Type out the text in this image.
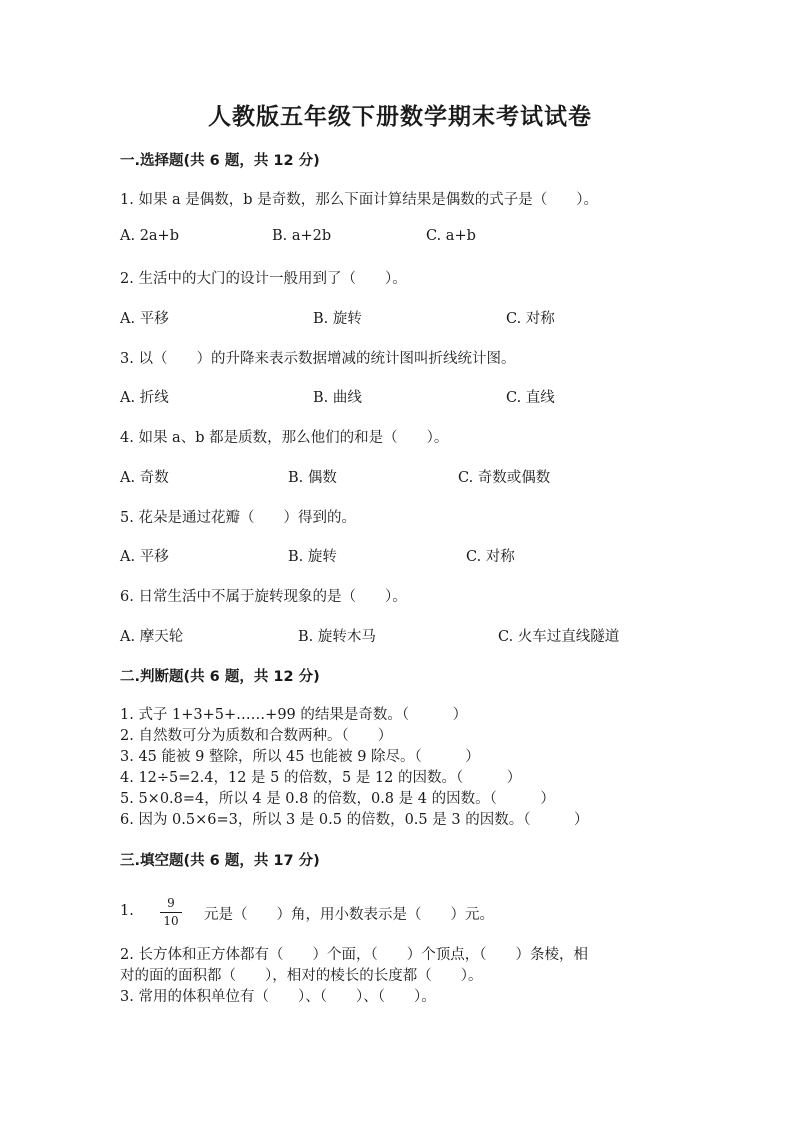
人教版五年级下册数学期末考试试卷
一.选择题(共 6 题，共 12 分)
1. 如果 a 是偶数，b 是奇数，那么下面计算结果是偶数的式子是（　　）。
A. 2a+b	B. a+2b	C. a+b
2. 生活中的大门的设计一般用到了（　　）。
A. 平移	B. 旋转	C. 对称
3. 以（　　）的升降来表示数据增减的统计图叫折线统计图。
A. 折线	B. 曲线	C. 直线
4. 如果 a、b 都是质数，那么他们的和是（　　）。
A. 奇数	B. 偶数	C. 奇数或偶数
5. 花朵是通过花瓣（　　）得到的。
A. 平移	B. 旋转	C. 对称
6. 日常生活中不属于旋转现象的是（　　）。
A. 摩天轮	B. 旋转木马	C. 火车过直线隧道
二.判断题(共 6 题，共 12 分)
1. 式子 1+3+5+……+99 的结果是奇数。（　　　）
2. 自然数可分为质数和合数两种。（　　）
3. 45 能被 9 整除，所以 45 也能被 9 除尽。（　　　）
4. 12÷5=2.4，12 是 5 的倍数，5 是 12 的因数。（　　　）
5. 5×0.8=4，所以 4 是 0.8 的倍数，0.8 是 4 的因数。（　　　）
6. 因为 0.5×6=3，所以 3 是 0.5 的倍数，0.5 是 3 的因数。（　　　）
三.填空题(共 6 题，共 17 分)
1.	9
10 元是（　　）角，用小数表示是（　　）元。
2. 长方体和正方体都有（　　）个面，（　　）个顶点，（　　）条棱，相
对的面的面积都（　　），相对的棱长的长度都（　　）。
3. 常用的体积单位有（　　）、（　　）、（　　）。
